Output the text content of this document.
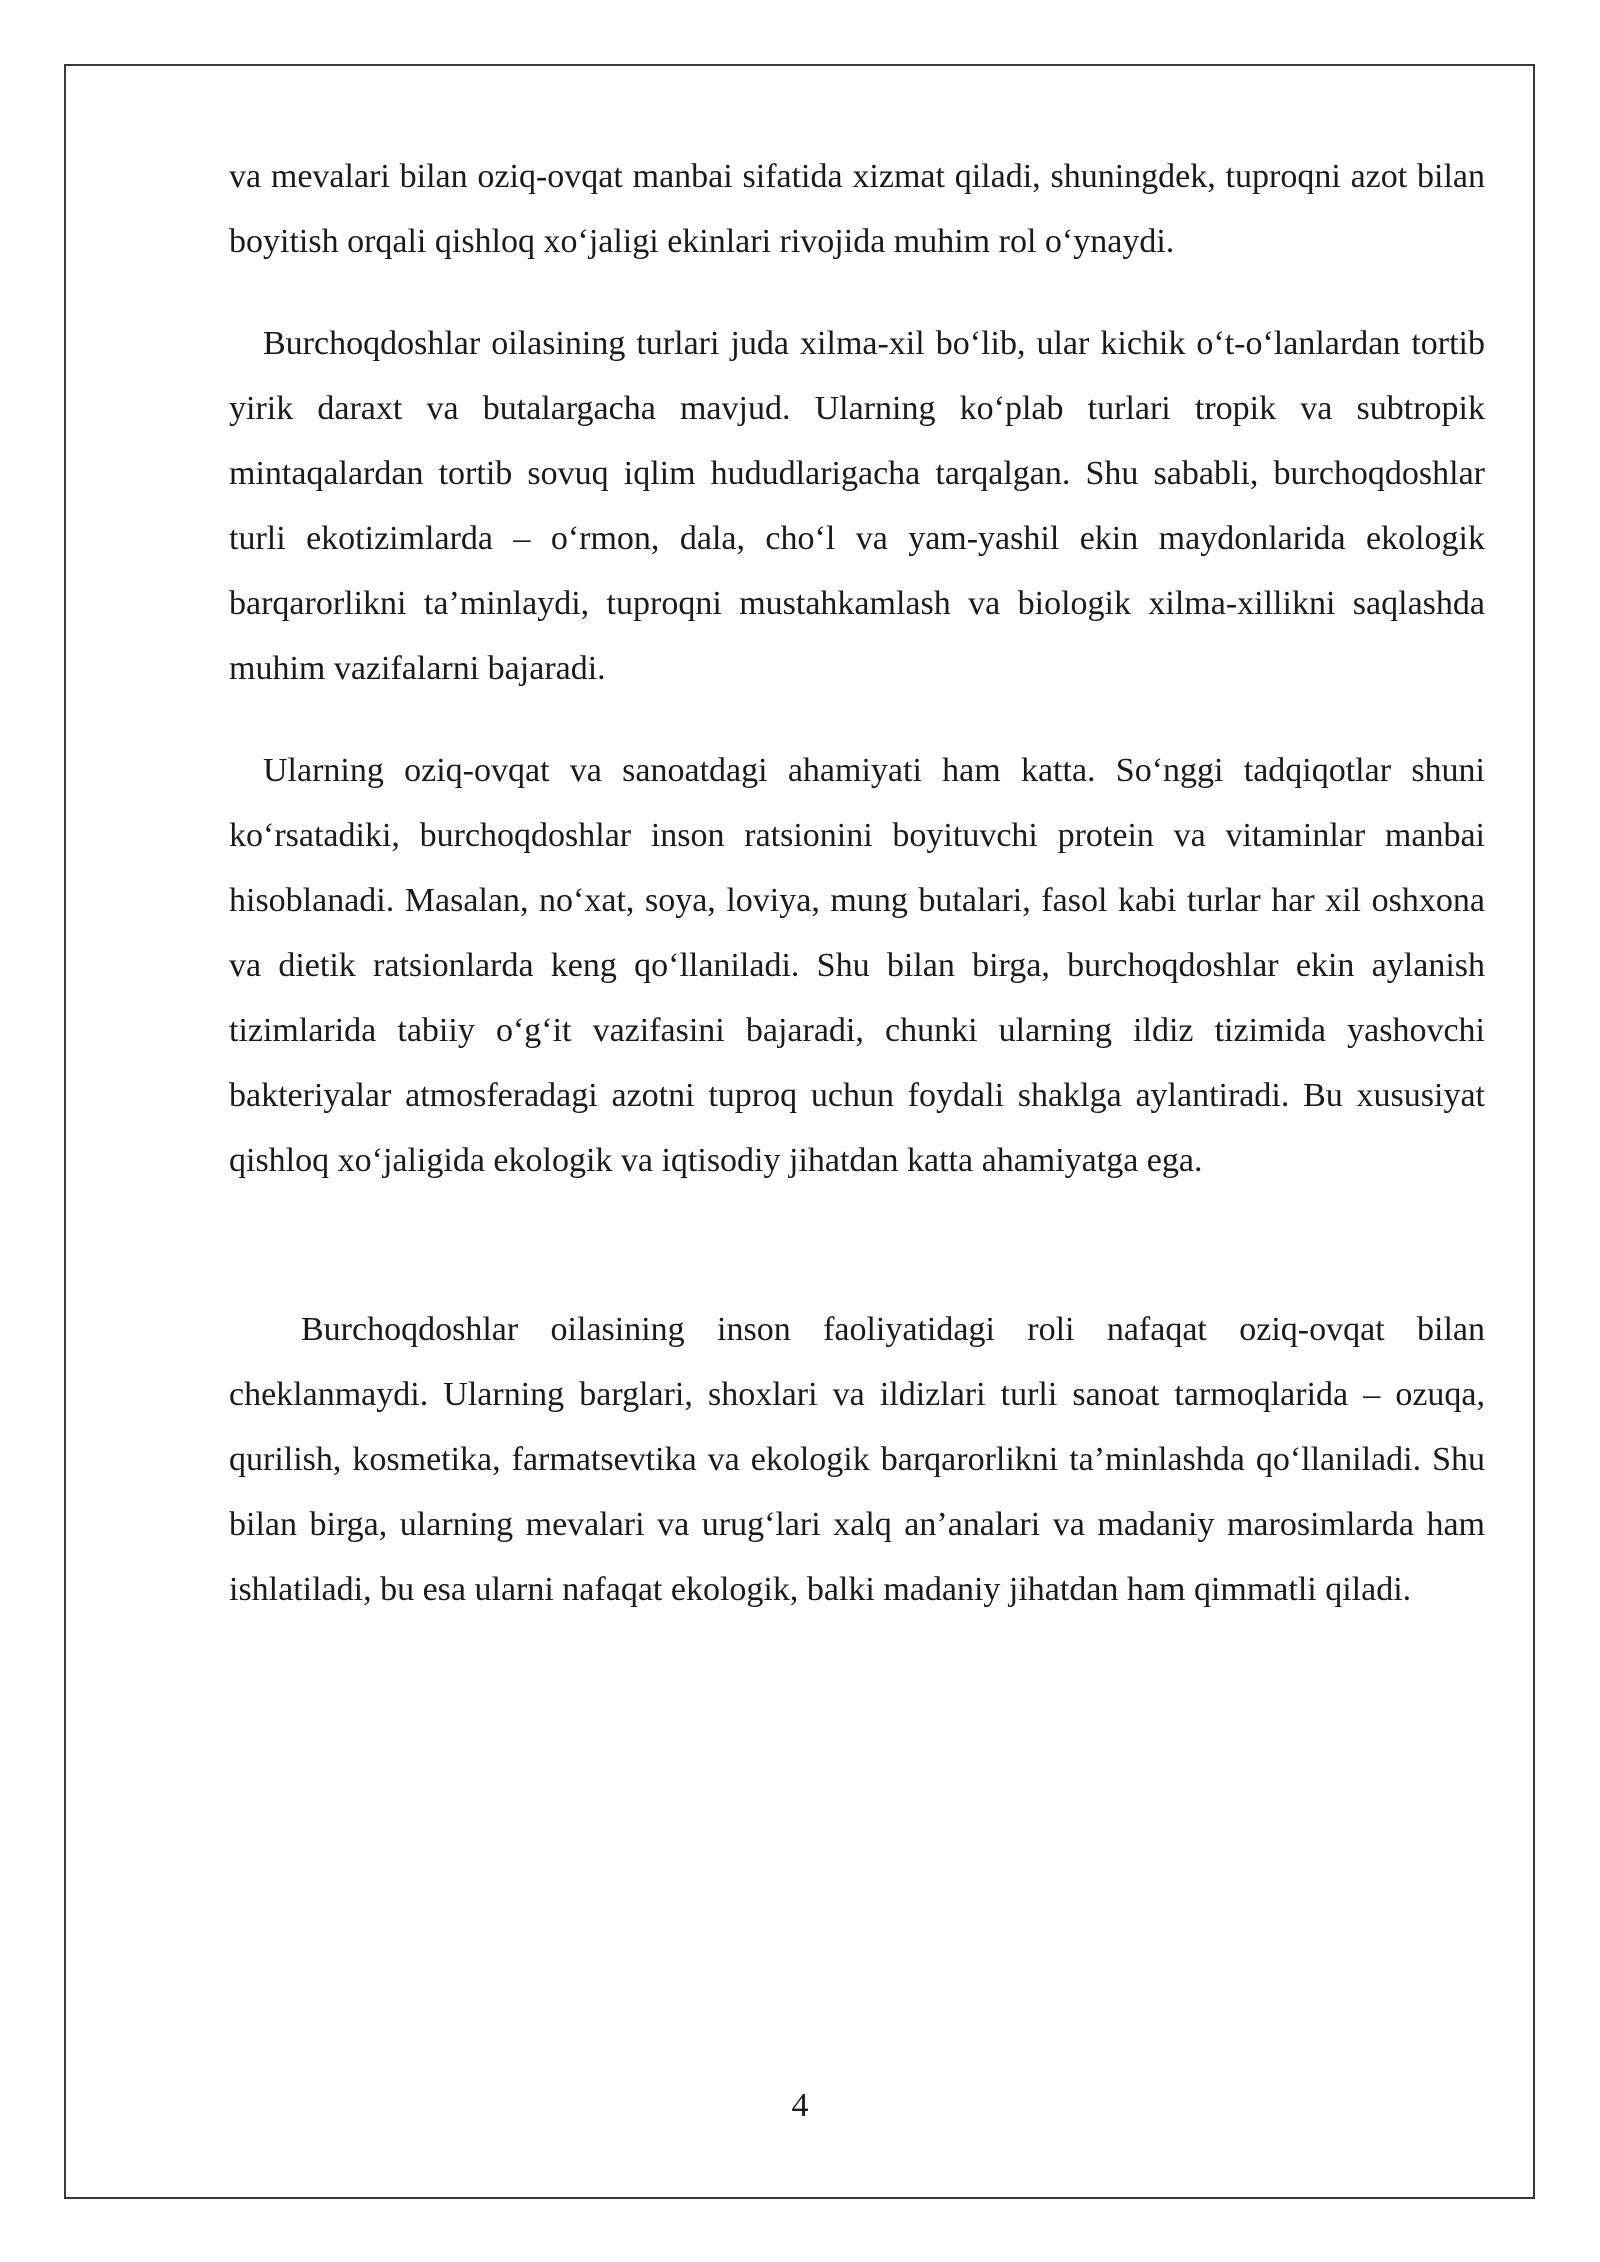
va mevalari bilan oziq-ovqat manbai sifatida xizmat qiladi, shuningdek, tuproqni azot bilan boyitish orqali qishloq xo‘jaligi ekinlari rivojida muhim rol o‘ynaydi.

Burchoqdoshlar oilasining turlari juda xilma-xil bo‘lib, ular kichik o‘t-o‘lanlardan tortib yirik daraxt va butalargacha mavjud. Ularning ko‘plab turlari tropik va subtropik mintaqalardan tortib sovuq iqlim hududlarigacha tarqalgan. Shu sababli, burchoqdoshlar turli ekotizimlarda – o‘rmon, dala, cho‘l va yam-yashil ekin maydonlarida ekologik barqarorlikni ta’minlaydi, tuproqni mustahkamlash va biologik xilma-xillikni saqlashda muhim vazifalarni bajaradi.

Ularning oziq-ovqat va sanoatdagi ahamiyati ham katta. So‘nggi tadqiqotlar shuni ko‘rsatadiki, burchoqdoshlar inson ratsionini boyituvchi protein va vitaminlar manbai hisoblanadi. Masalan, no‘xat, soya, loviya, mung butalari, fasol kabi turlar har xil oshxona va dietik ratsionlarda keng qo‘llaniladi. Shu bilan birga, burchoqdoshlar ekin aylanish tizimlarida tabiiy o‘g‘it vazifasini bajaradi, chunki ularning ildiz tizimida yashovchi bakteriyalar atmosferadagi azotni tuproq uchun foydali shaklga aylantiradi. Bu xususiyat qishloq xo‘jaligida ekologik va iqtisodiy jihatdan katta ahamiyatga ega.

Burchoqdoshlar oilasining inson faoliyatidagi roli nafaqat oziq-ovqat bilan cheklanmaydi. Ularning barglari, shoxlari va ildizlari turli sanoat tarmoqlarida – ozuqa, qurilish, kosmetika, farmatsevtika va ekologik barqarorlikni ta’minlashda qo‘llaniladi. Shu bilan birga, ularning mevalari va urug‘lari xalq an’analari va madaniy marosimlarda ham ishlatiladi, bu esa ularni nafaqat ekologik, balki madaniy jihatdan ham qimmatli qiladi.

4
